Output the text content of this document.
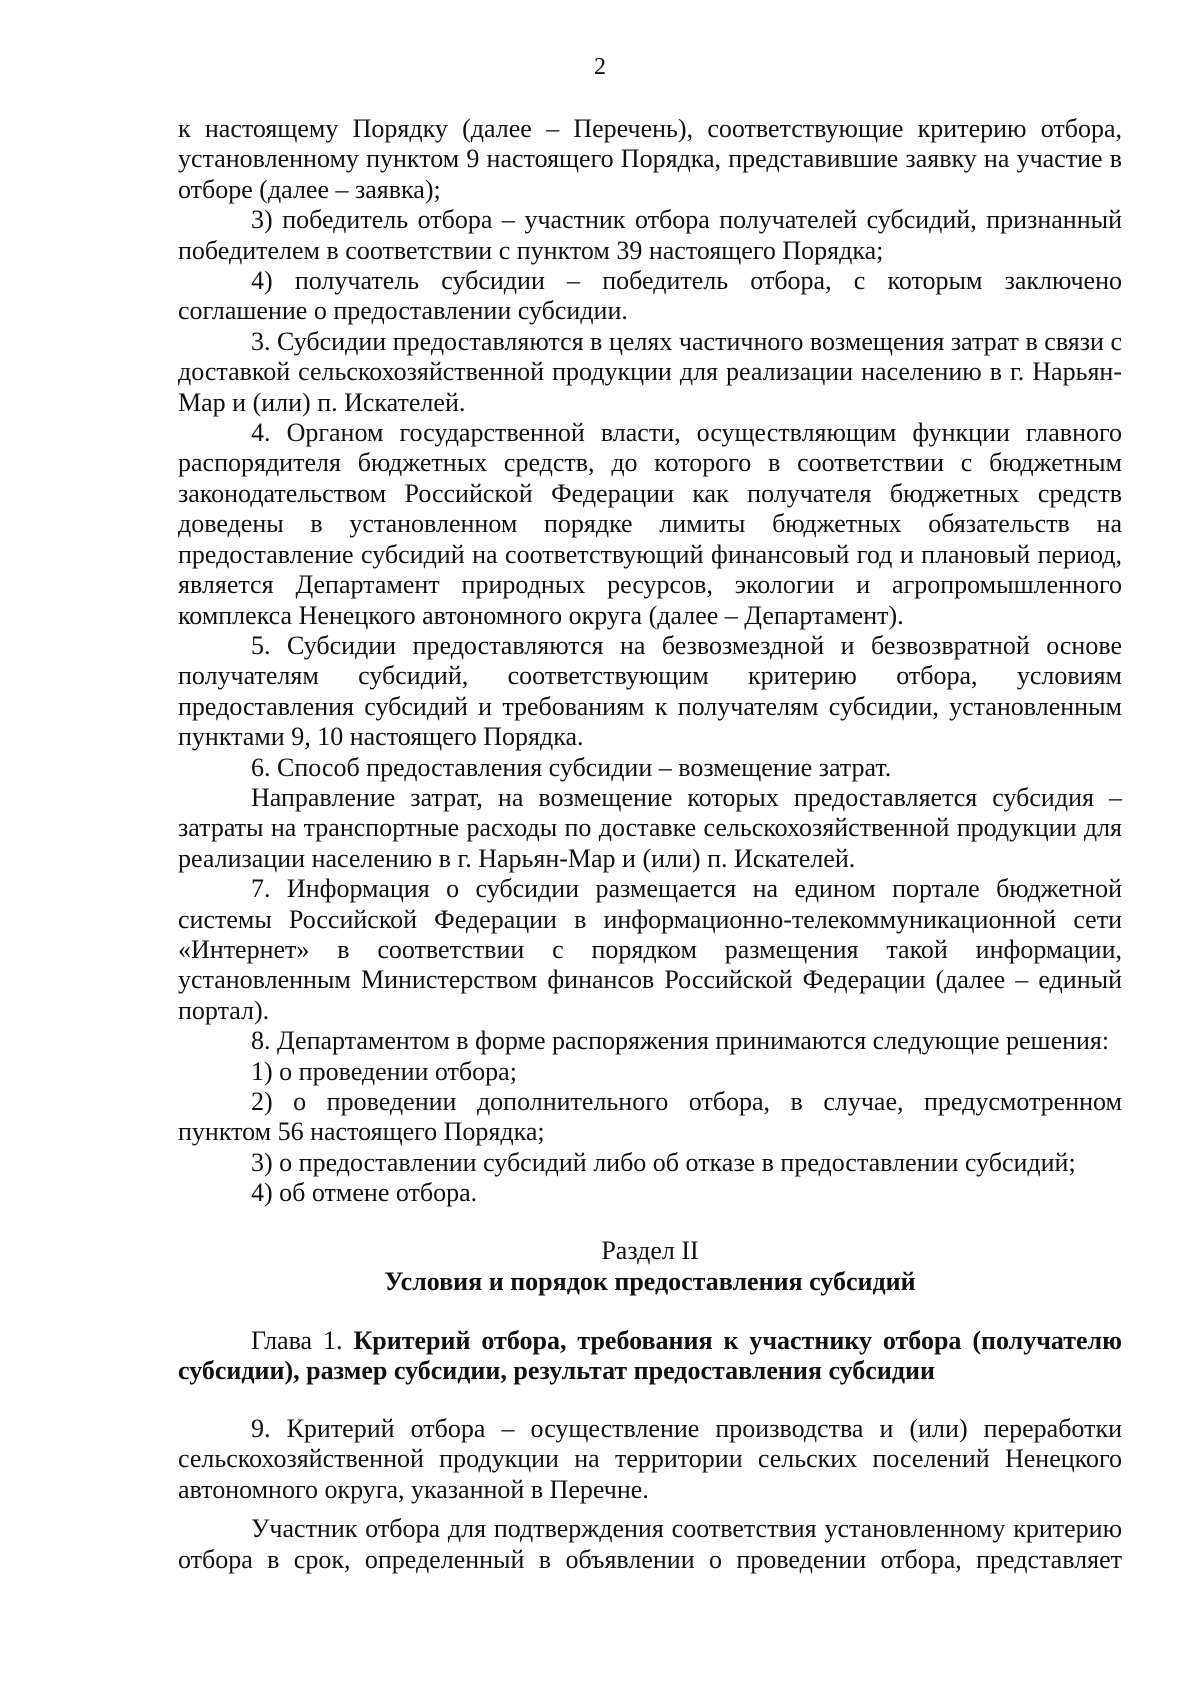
2

к настоящему Порядку (далее – Перечень), соответствующие критерию отбора, установленному пунктом 9 настоящего Порядка, представившие заявку на участие в отборе (далее – заявка);

3) победитель отбора – участник отбора получателей субсидий, признанный победителем в соответствии с пунктом 39 настоящего Порядка;

4) получатель субсидии – победитель отбора, с которым заключено соглашение о предоставлении субсидии.

3. Субсидии предоставляются в целях частичного возмещения затрат в связи с доставкой сельскохозяйственной продукции для реализации населению в г. Нарьян-Мар и (или) п. Искателей.

4. Органом государственной власти, осуществляющим функции главного распорядителя бюджетных средств, до которого в соответствии с бюджетным законодательством Российской Федерации как получателя бюджетных средств доведены в установленном порядке лимиты бюджетных обязательств на предоставление субсидий на соответствующий финансовый год и плановый период, является Департамент природных ресурсов, экологии и агропромышленного комплекса Ненецкого автономного округа (далее – Департамент).

5. Субсидии предоставляются на безвозмездной и безвозвратной основе получателям субсидий, соответствующим критерию отбора, условиям предоставления субсидий и требованиям к получателям субсидии, установленным пунктами 9, 10 настоящего Порядка.

6. Способ предоставления субсидии – возмещение затрат.

Направление затрат, на возмещение которых предоставляется субсидия – затраты на транспортные расходы по доставке сельскохозяйственной продукции для реализации населению в г. Нарьян-Мар и (или) п. Искателей.

7. Информация о субсидии размещается на едином портале бюджетной системы Российской Федерации в информационно-телекоммуникационной сети «Интернет» в соответствии с порядком размещения такой информации, установленным Министерством финансов Российской Федерации (далее – единый портал).

8. Департаментом в форме распоряжения принимаются следующие решения:

1) о проведении отбора;

2) о проведении дополнительного отбора, в случае, предусмотренном пунктом 56 настоящего Порядка;

3) о предоставлении субсидий либо об отказе в предоставлении субсидий;

4) об отмене отбора.

Раздел II
Условия и порядок предоставления субсидий
Глава 1. Критерий отбора, требования к участнику отбора (получателю субсидии), размер субсидии, результат предоставления субсидии

9. Критерий отбора – осуществление производства и (или) переработки сельскохозяйственной продукции на территории сельских поселений Ненецкого автономного округа, указанной в Перечне.

Участник отбора для подтверждения соответствия установленному критерию отбора в срок, определенный в объявлении о проведении отбора, представляет
